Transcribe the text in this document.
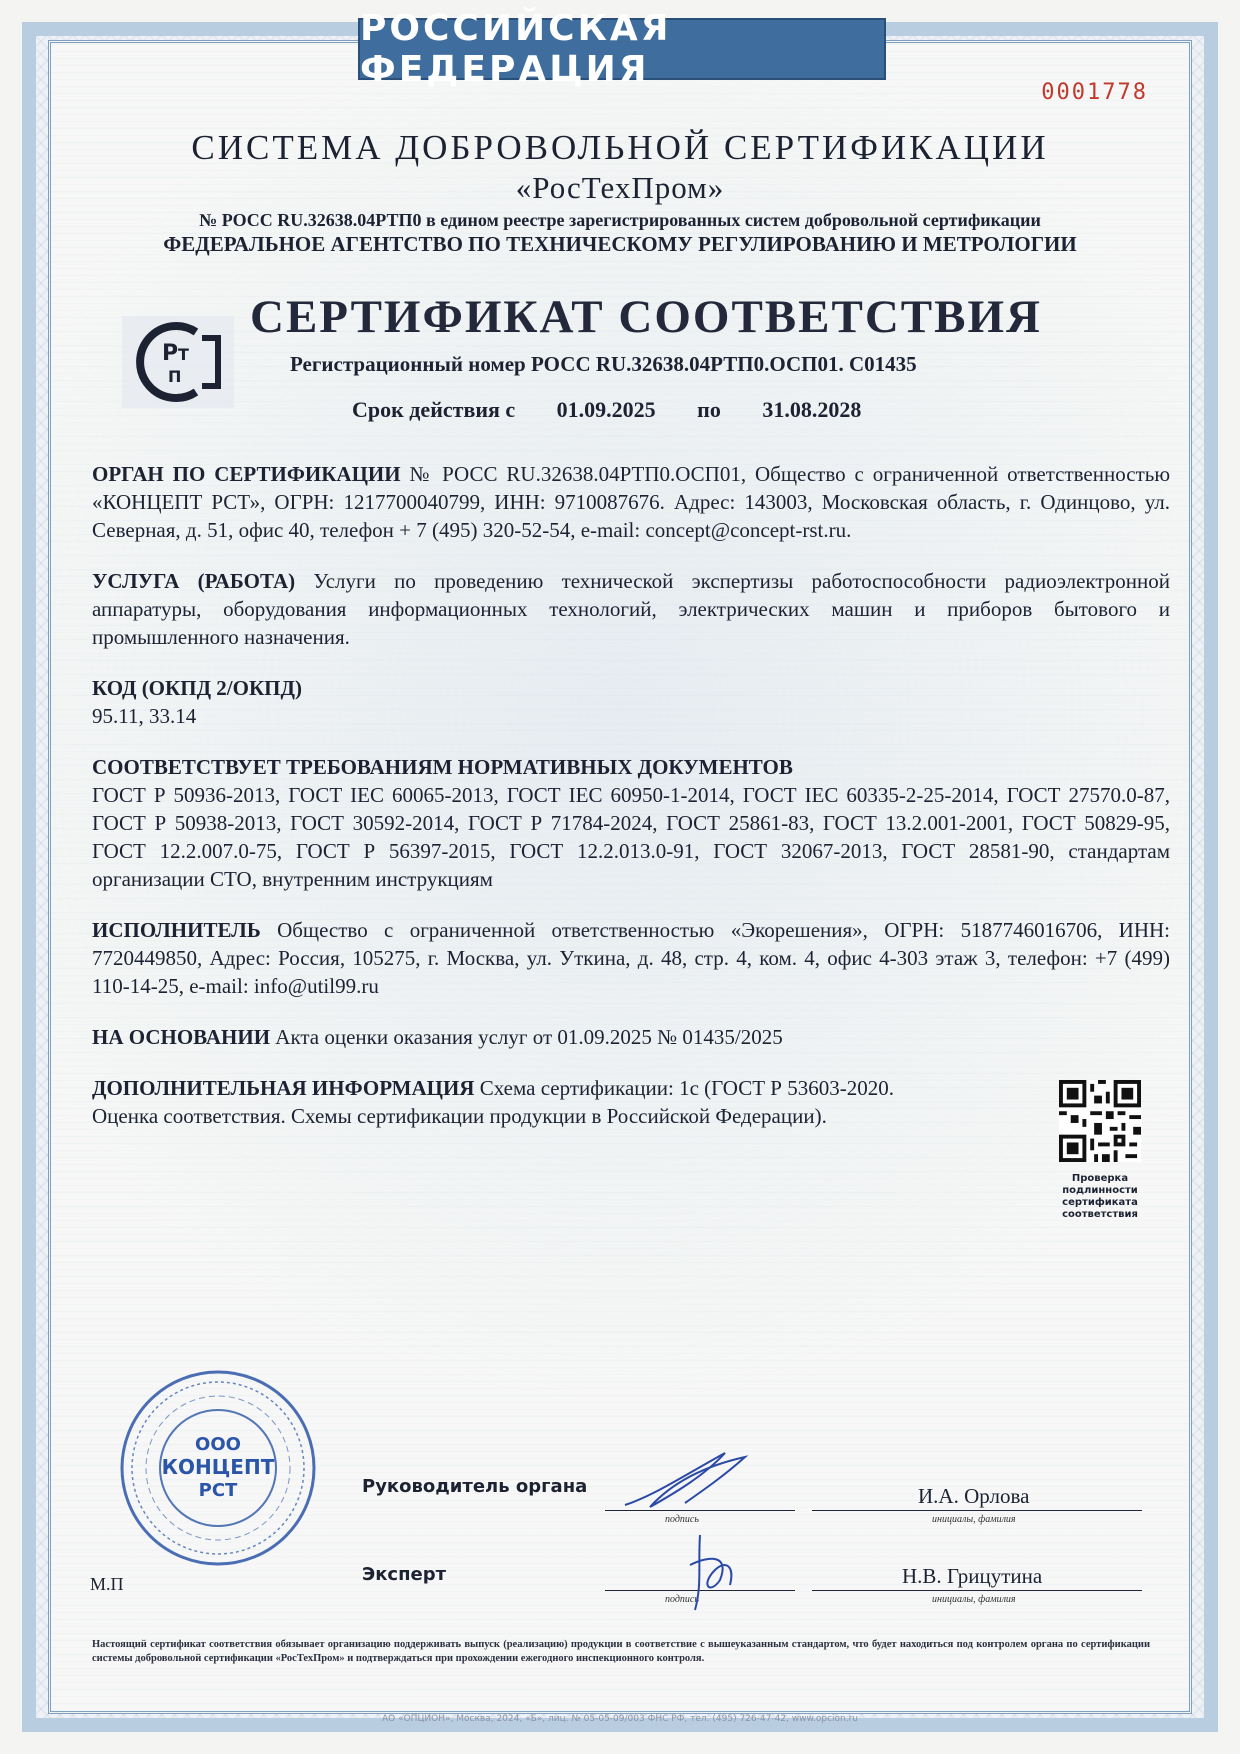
РОССИЙСКАЯ ФЕДЕРАЦИЯ
0001778
СИСТЕМА ДОБРОВОЛЬНОЙ СЕРТИФИКАЦИИ
«РосТехПром»
№ РОСС RU.32638.04РТП0 в едином реестре зарегистрированных систем добровольной сертификации
ФЕДЕРАЛЬНОЕ АГЕНТСТВО ПО ТЕХНИЧЕСКОМУ РЕГУЛИРОВАНИЮ И МЕТРОЛОГИИ
Р Т
П
СЕРТИФИКАТ СООТВЕТСТВИЯ
Регистрационный номер РОСС RU.32638.04РТП0.ОСП01. С01435
Срок действия с 01.09.2025 по 31.08.2028
ОРГАН ПО СЕРТИФИКАЦИИ № РОСС RU.32638.04РТП0.ОСП01, Общество с ограниченной ответственностью «КОНЦЕПТ РСТ», ОГРН: 1217700040799, ИНН: 9710087676. Адрес: 143003, Московская область, г. Одинцово, ул. Северная, д. 51, офис 40, телефон + 7 (495) 320-52-54, e-mail: concept@concept-rst.ru.
УСЛУГА (РАБОТА) Услуги по проведению технической экспертизы работоспособности радиоэлектронной аппаратуры, оборудования информационных технологий, электрических машин и приборов бытового и промышленного назначения.
КОД (ОКПД 2/ОКПД)
95.11, 33.14
СООТВЕТСТВУЕТ ТРЕБОВАНИЯМ НОРМАТИВНЫХ ДОКУМЕНТОВ
ГОСТ Р 50936-2013, ГОСТ IEC 60065-2013, ГОСТ IEC 60950-1-2014, ГОСТ IEC 60335-2-25-2014, ГОСТ 27570.0-87, ГОСТ Р 50938-2013, ГОСТ 30592-2014, ГОСТ Р 71784-2024, ГОСТ 25861-83, ГОСТ 13.2.001-2001, ГОСТ 50829-95, ГОСТ 12.2.007.0-75, ГОСТ Р 56397-2015, ГОСТ 12.2.013.0-91, ГОСТ 32067-2013, ГОСТ 28581-90, стандартам организации СТО, внутренним инструкциям
ИСПОЛНИТЕЛЬ Общество с ограниченной ответственностью «Экорешения», ОГРН: 5187746016706, ИНН: 7720449850, Адрес: Россия, 105275, г. Москва, ул. Уткина, д. 48, стр. 4, ком. 4, офис 4-303 этаж 3, телефон: +7 (499) 110-14-25, e-mail: info@util99.ru
НА ОСНОВАНИИ Акта оценки оказания услуг от 01.09.2025 № 01435/2025
ДОПОЛНИТЕЛЬНАЯ ИНФОРМАЦИЯ Схема сертификации: 1с (ГОСТ Р 53603-2020. Оценка соответствия. Схемы сертификации продукции в Российской Федерации).
Проверка подлинности сертификата соответствия
ООО
КОНЦЕПТ
РСТ
М.П
Руководитель органа
подпись
И.А. Орлова
инициалы, фамилия
Эксперт
подпись
Н.В. Грицутина
инициалы, фамилия
Настоящий сертификат соответствия обязывает организацию поддерживать выпуск (реализацию) продукции в соответствие с вышеуказанным стандартом, что будет находиться под контролем органа по сертификации системы добровольной сертификации «РосТехПром» и подтверждаться при прохождении ежегодного инспекционного контроля.
АО «ОПЦИОН», Москва, 2024, «Б», лиц. № 05-05-09/003 ФНС РФ, тел. (495) 726-47-42, www.opcion.ru
